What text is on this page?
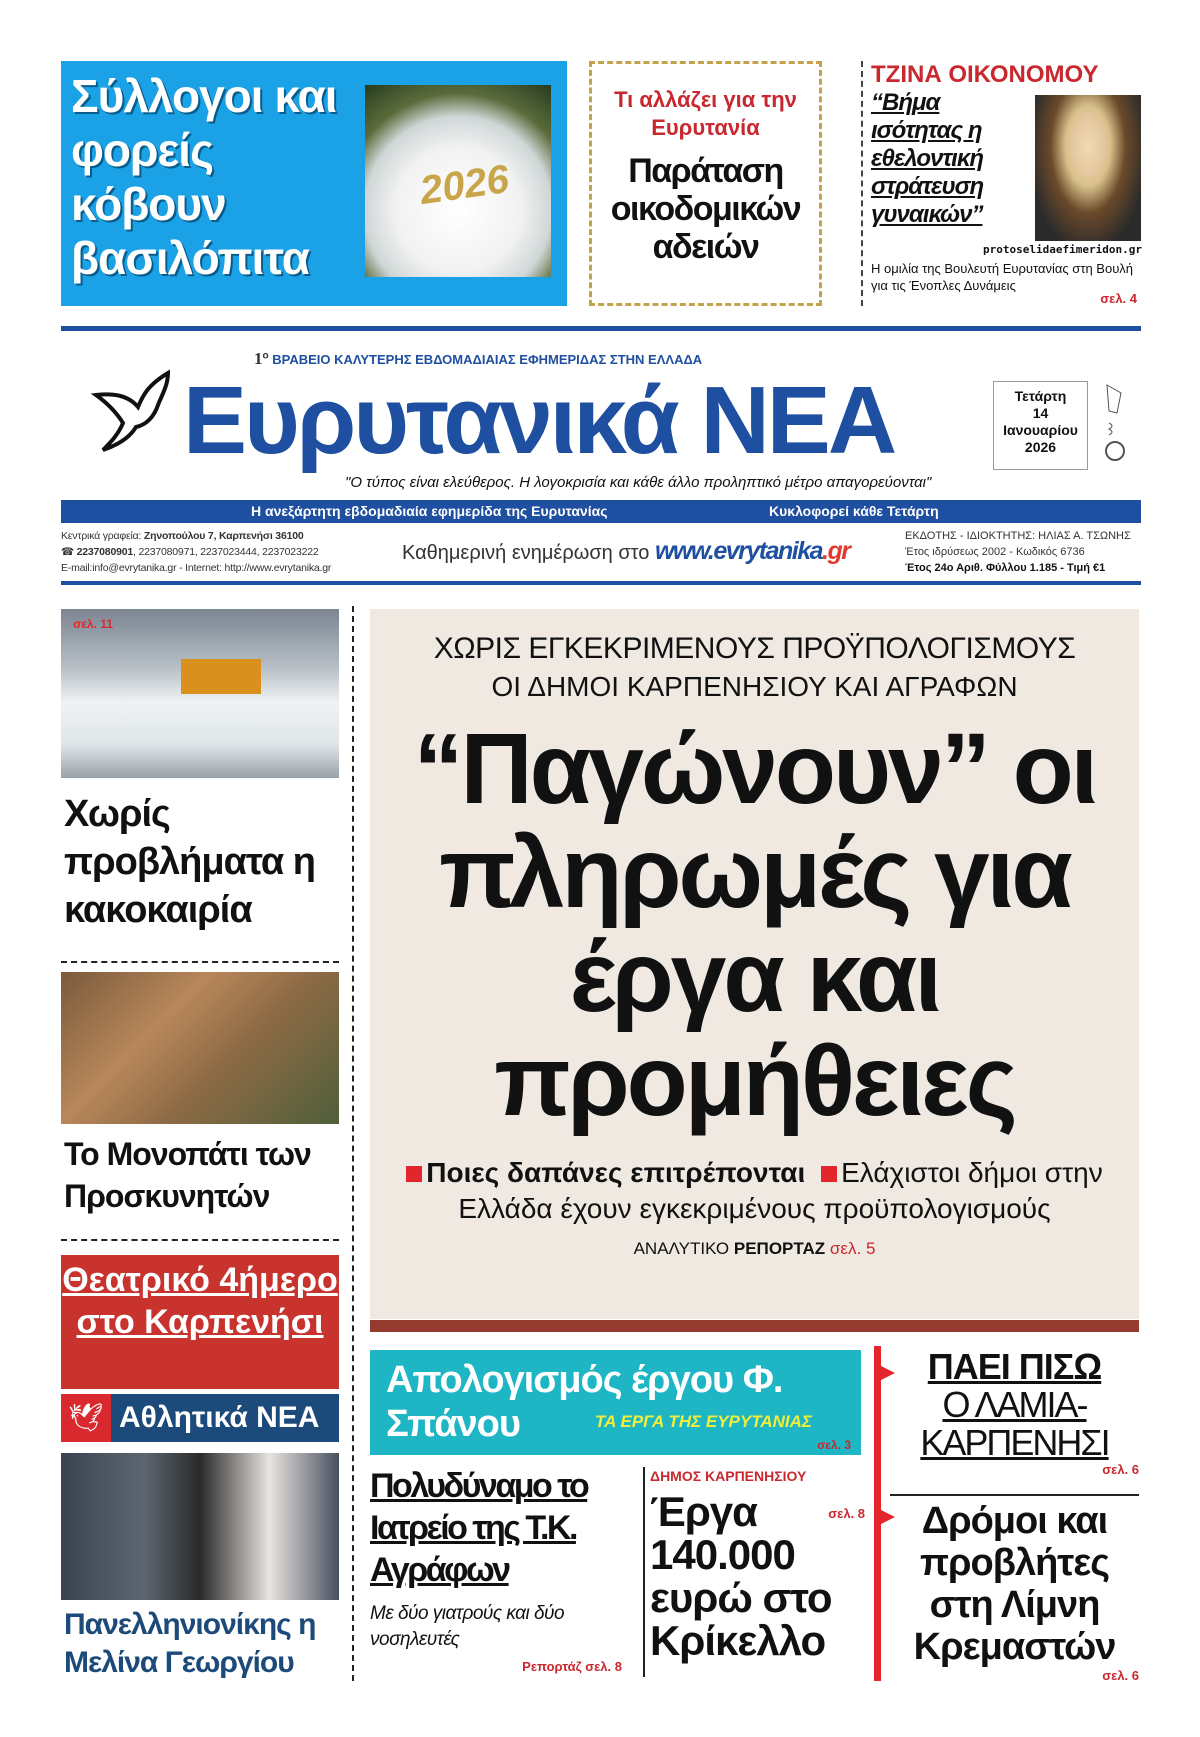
Σύλλογοι και φορείς κόβουν βασιλόπιτα
2026
Τι αλλάζει για την Ευρυτανία
Παράταση οικοδομικών αδειών
ΤΖΙΝΑ ΟΙΚΟΝΟΜΟΥ
“Βήμα ισότητας η εθελοντική στράτευση γυναικών”
protoselidaefimeridon.gr
Η ομιλία της Βουλευτή Ευρυτανίας στη Βουλή για τις Ένοπλες Δυνάμεις
σελ. 4
Ευρυτανικά ΝΕΑ
$1^o$ ΒΡΑΒΕΙΟ ΚΑΛΥΤΕΡΗΣ ΕΒΔΟΜΑΔΙΑΙΑΣ ΕΦΗΜΕΡΙΔΑΣ ΣΤΗΝ ΕΛΛΑΔΑ
"Ο τύπος είναι ελεύθερος. Η λογοκρισία και κάθε άλλο προληπτικό μέτρο απαγορεύονται"
Τετάρτη
14
Ιανουαρίου
2026
Η ανεξάρτητη εβδομαδιαία εφημερίδα της Ευρυτανίας	Κυκλοφορεί κάθε Τετάρτη
Κεντρικά γραφεία: Ζηνοπούλου 7, Καρπενήσι 36100
☎ 2237080901, 2237080971, 2237023444, 2237023222
E-mail:info@evrytanika.gr - Internet: http://www.evrytanika.gr
Καθημερινή ενημέρωση στο www.evrytanika.gr
ΕΚΔΟΤΗΣ - ΙΔΙΟΚΤΗΤΗΣ: ΗΛΙΑΣ Α. ΤΣΩΝΗΣ
Έτος ιδρύσεως 2002 - Κωδικός 6736
Έτος 24ο Αριθ. Φύλλου 1.185 - Τιμή €1
σελ. 11
Χωρίς προβλήματα η κακοκαιρία
Το Μονοπάτι των Προσκυνητών
Θεατρικό 4ήμερο στο Καρπενήσι
🕊 Αθλητικά ΝΕΑ
Πανελληνιονίκης η Μελίνα Γεωργίου
ΧΩΡΙΣ ΕΓΚΕΚΡΙΜΕΝΟΥΣ ΠΡΟΫΠΟΛΟΓΙΣΜΟΥΣ
ΟΙ ΔΗΜΟΙ ΚΑΡΠΕΝΗΣΙΟΥ ΚΑΙ ΑΓΡΑΦΩΝ
“Παγώνουν” οι πληρωμές για έργα και προμήθειες
Ποιες δαπάνες επιτρέπονται Ελάχιστοι δήμοι στην Ελλάδα έχουν εγκεκριμένους προϋπολογισμούς
ΑΝΑΛΥΤΙΚΟ ΡΕΠΟΡΤΑΖ σελ. 5
Απολογισμός έργου Φ. Σπάνου	ΤΑ ΕΡΓΑ ΤΗΣ ΕΥΡΥΤΑΝΙΑΣ
σελ. 3
Πολυδύναμο το Ιατρείο της Τ.Κ. Αγράφων
Με δύο γιατρούς και δύο νοσηλευτές
Ρεπορτάζ σελ. 8
ΔΗΜΟΣ ΚΑΡΠΕΝΗΣΙΟΥ
Έργα 140.000 ευρώ στο Κρίκελλο
σελ. 8
ΠΑΕΙ ΠΙΣΩ
Ο ΛΑΜΙΑ-ΚΑΡΠΕΝΗΣΙ
σελ. 6
Δρόμοι και προβλήτες στη Λίμνη Κρεμαστών
σελ. 6
